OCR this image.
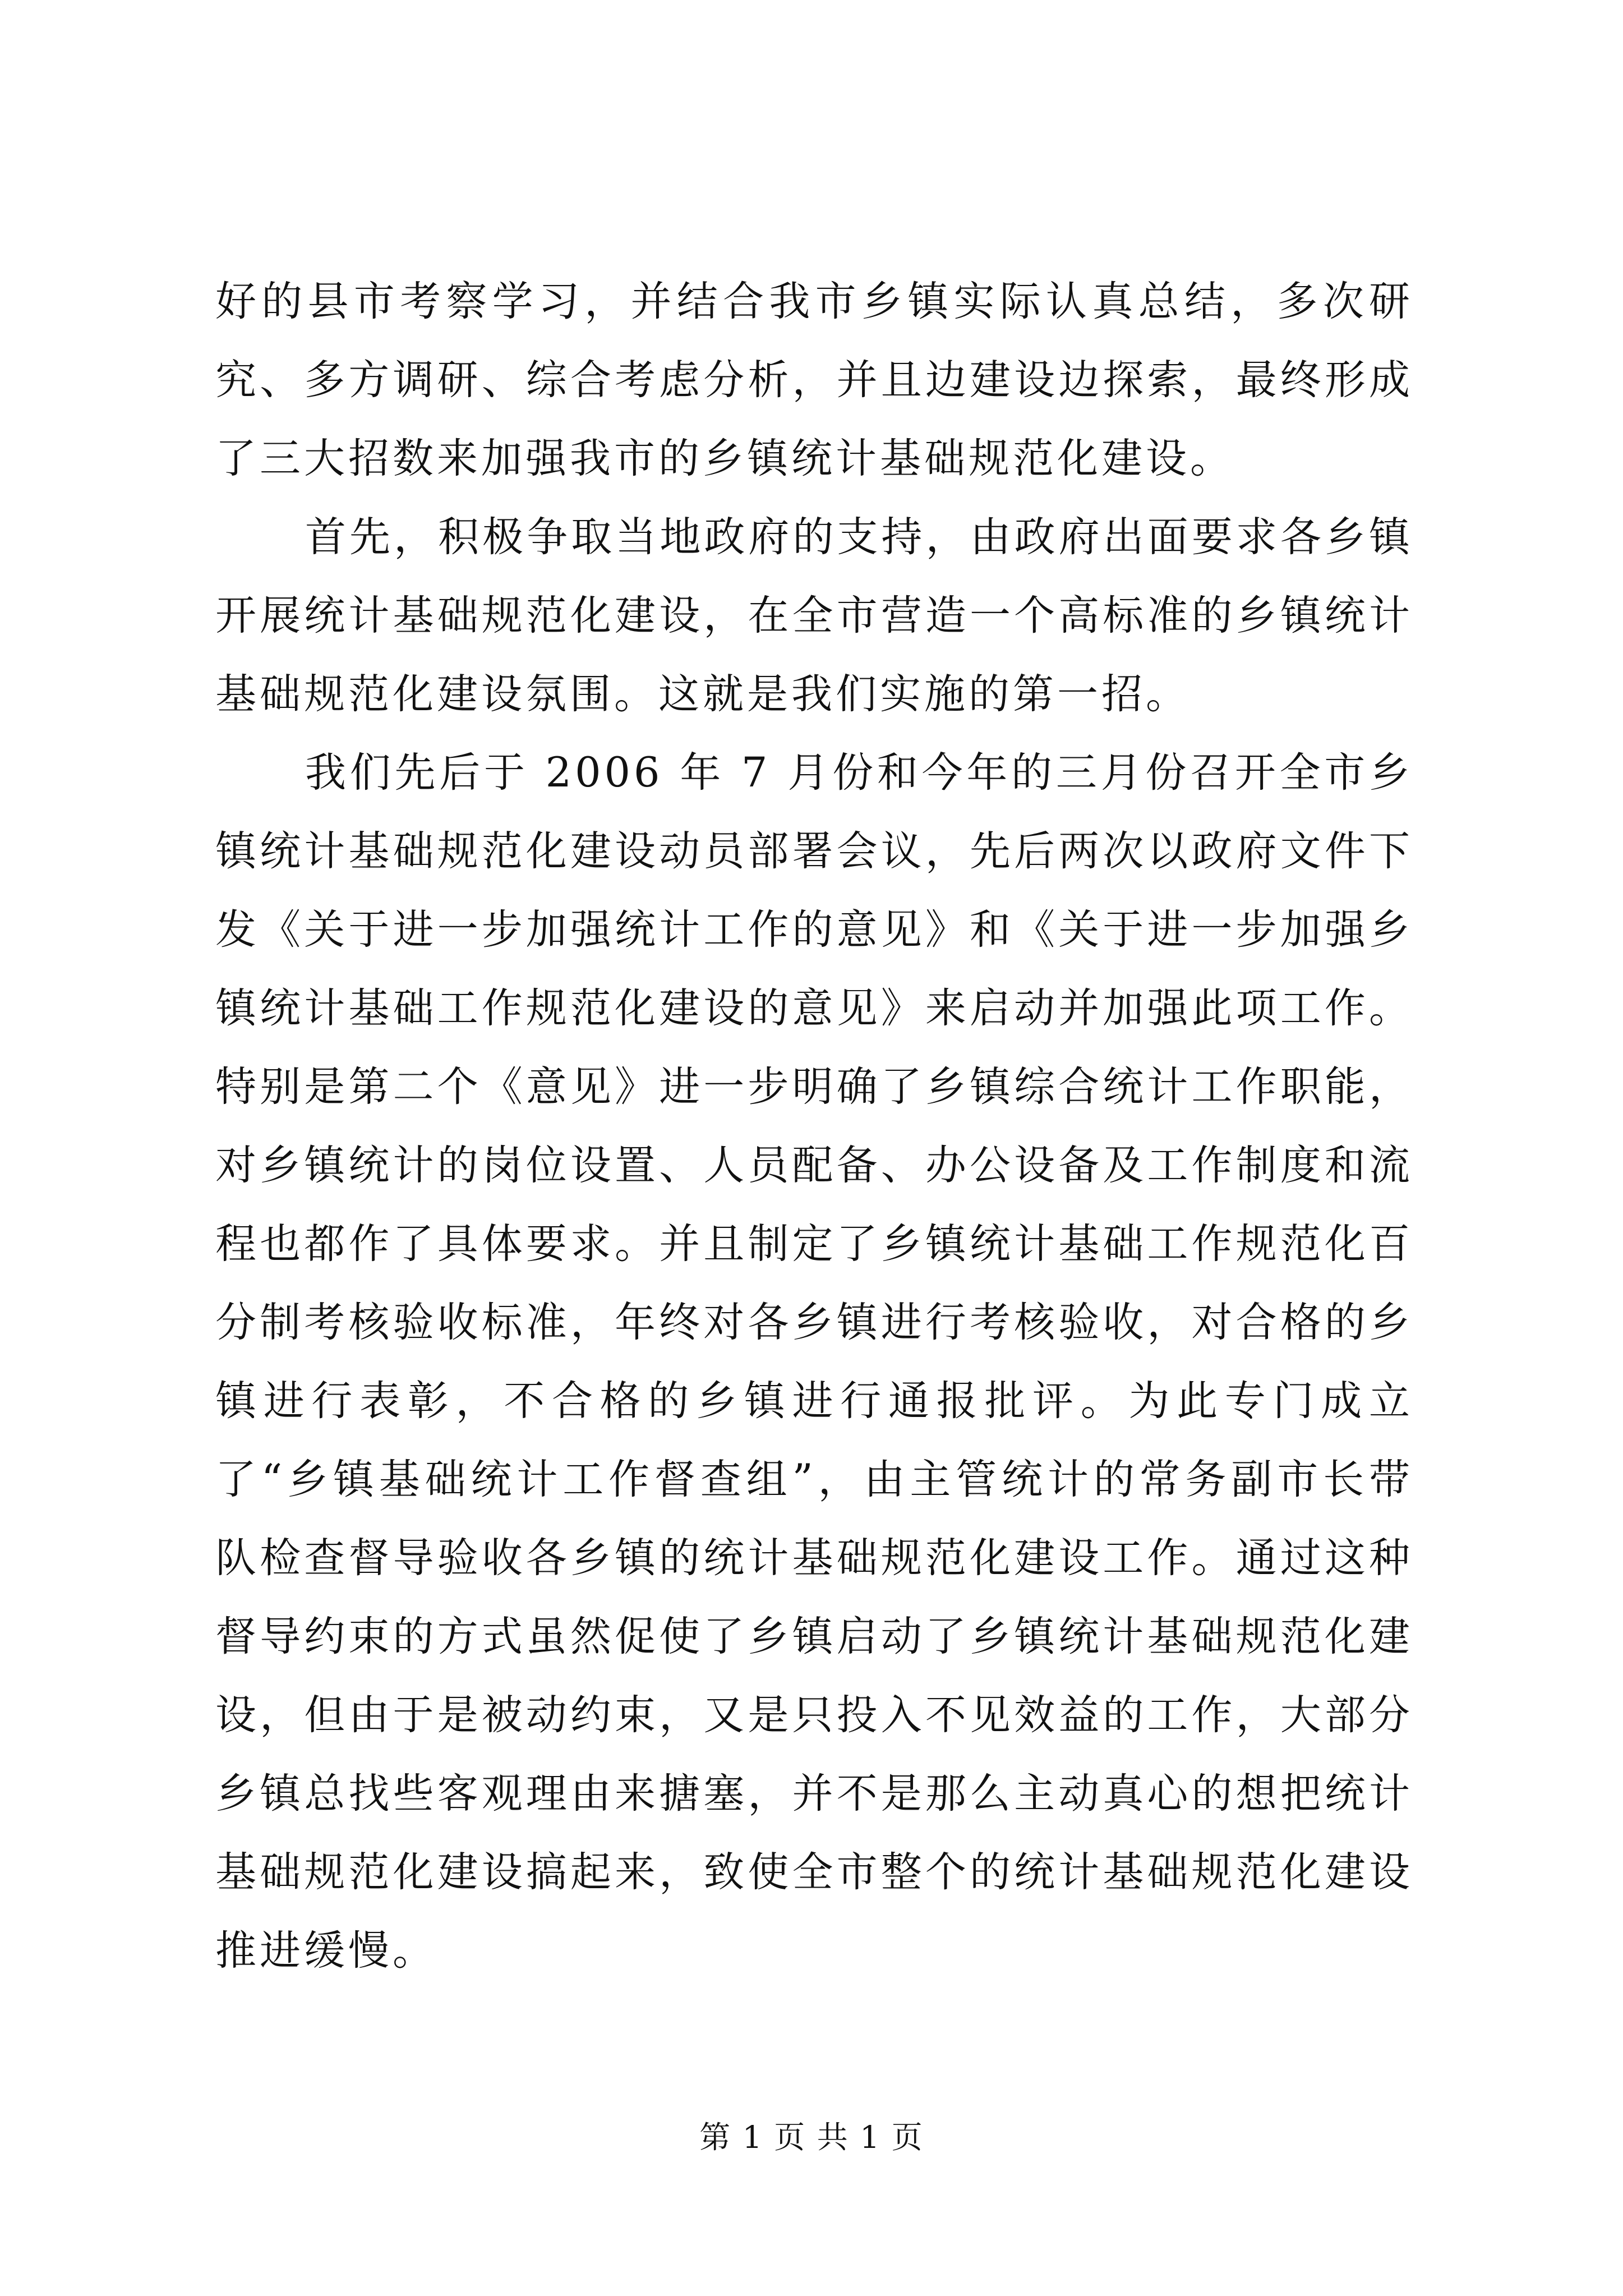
好的县市考察学习，并结合我市乡镇实际认真总结，多次研究、多方调研、综合考虑分析，并且边建设边探索，最终形成了三大招数来加强我市的乡镇统计基础规范化建设。

首先，积极争取当地政府的支持，由政府出面要求各乡镇开展统计基础规范化建设，在全市营造一个高标准的乡镇统计基础规范化建设氛围。这就是我们实施的第一招。

我们先后于 2006 年 7 月份和今年的三月份召开全市乡镇统计基础规范化建设动员部署会议，先后两次以政府文件下发《关于进一步加强统计工作的意见》和《关于进一步加强乡镇统计基础工作规范化建设的意见》来启动并加强此项工作。特别是第二个《意见》进一步明确了乡镇综合统计工作职能，对乡镇统计的岗位设置、人员配备、办公设备及工作制度和流程也都作了具体要求。并且制定了乡镇统计基础工作规范化百分制考核验收标准，年终对各乡镇进行考核验收，对合格的乡镇进行表彰，不合格的乡镇进行通报批评。为此专门成立了“乡镇基础统计工作督查组”，由主管统计的常务副市长带队检查督导验收各乡镇的统计基础规范化建设工作。通过这种督导约束的方式虽然促使了乡镇启动了乡镇统计基础规范化建设，但由于是被动约束，又是只投入不见效益的工作，大部分乡镇总找些客观理由来搪塞，并不是那么主动真心的想把统计基础规范化建设搞起来，致使全市整个的统计基础规范化建设推进缓慢。

第 1 页 共 1 页
